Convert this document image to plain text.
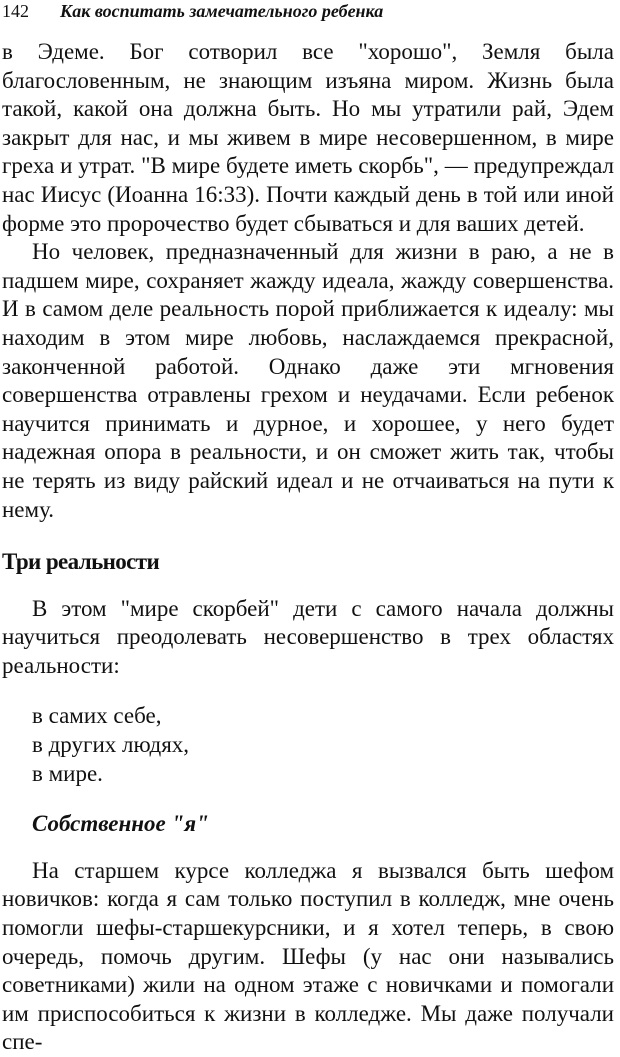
142 Как воспитать замечательного ребенка

в Эдеме. Бог сотворил все "хорошо", Земля была благословенным, не знающим изъяна миром. Жизнь была такой, какой она должна быть. Но мы утратили рай, Эдем закрыт для нас, и мы живем в мире несовершенном, в мире греха и утрат. "В мире будете иметь скорбь", — предупреждал нас Иисус (Иоанна 16:33). Почти каждый день в той или иной форме это пророчество будет сбываться и для ваших детей.

Но человек, предназначенный для жизни в раю, а не в падшем мире, сохраняет жажду идеала, жажду совершенства. И в самом деле реальность порой приближается к идеалу: мы находим в этом мире любовь, наслаждаемся прекрасной, законченной работой. Однако даже эти мгновения совершенства отравлены грехом и неудачами. Если ребенок научится принимать и дурное, и хорошее, у него будет надежная опора в реальности, и он сможет жить так, чтобы не терять из виду райский идеал и не отчаиваться на пути к нему.

Три реальности

В этом "мире скорбей" дети с самого начала должны научиться преодолевать несовершенство в трех областях реальности:

в самих себе,
в других людях,
в мире.
Собственное "я"

На старшем курсе колледжа я вызвался быть шефом новичков: когда я сам только поступил в колледж, мне очень помогли шефы-старшекурсники, и я хотел теперь, в свою очередь, помочь другим. Шефы (у нас они назывались советниками) жили на одном этаже с новичками и помогали им приспособиться к жизни в колледже. Мы даже получали спе-
